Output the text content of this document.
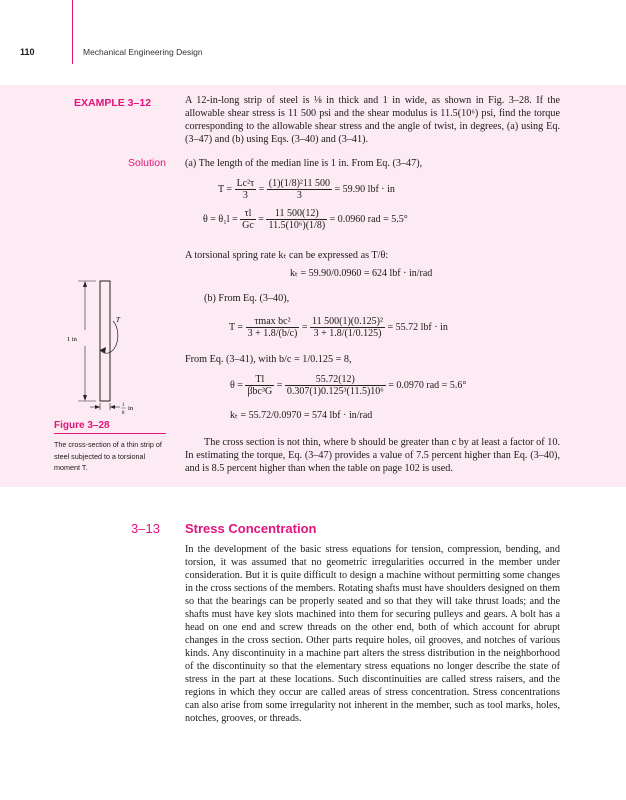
110	Mechanical Engineering Design
EXAMPLE 3–12	A 12-in-long strip of steel is ⅛ in thick and 1 in wide, as shown in Fig. 3–28. If the allowable shear stress is 11 500 psi and the shear modulus is 11.5(10⁶) psi, find the torque corresponding to the allowable shear stress and the angle of twist, in degrees, (a) using Eq. (3–47) and (b) using Eqs. (3–40) and (3–41).
Solution (a) The length of the median line is 1 in. From Eq. (3–47),
$T = \frac{\text{Lc²τ}}{3} = \frac{\text{(1)(1/8)²11 500}}{3} = 59.90$ lbf · in
$\theta = \theta_1l = \frac{\tau l}{Gc} = \frac{11 500(12)}{\text{11.5(10⁶)(1/8)}} = 0.0960$ rad = 5.5°
A torsional spring rate kₜ can be expressed as T/θ:
kₜ = 59.90/0.0960 = 624 lbf · in/rad
(b) From Eq. (3–40),
$T = \frac{\text{τmax bc²}}{3 + 1.8/(b/c)} = \frac{\text{11 500(1)(0.125)²}}{3 + 1.8/(1/0.125)} = 55.72$ lbf · in
From Eq. (3–41), with b/c = 1/0.125 = 8,
$\theta = \frac{Tl}{\text{βbc³G}} = \frac{55.72(12)}{\text{0.307(1)0.125³(11.5)10⁶}} = 0.0970$ rad = 5.6°
kₜ = 55.72/0.0970 = 574 lbf · in/rad
The cross section is not thin, where b should be greater than c by at least a factor of 10. In estimating the torque, Eq. (3–47) provides a value of 7.5 percent higher than Eq. (3–40), and is 8.5 percent higher than when the table on page 102 is used.
T
1 in
1
8
in
Figure 3–28
The cross-section of a thin strip of steel subjected to a torsional moment T.
3–13 Stress Concentration
In the development of the basic stress equations for tension, compression, bending, and torsion, it was assumed that no geometric irregularities occurred in the member under consideration. But it is quite difficult to design a machine without permitting some changes in the cross sections of the members. Rotating shafts must have shoulders designed on them so that the bearings can be properly seated and so that they will take thrust loads; and the shafts must have key slots machined into them for securing pulleys and gears. A bolt has a head on one end and screw threads on the other end, both of which account for abrupt changes in the cross section. Other parts require holes, oil grooves, and notches of various kinds. Any discontinuity in a machine part alters the stress distribution in the neighborhood of the discontinuity so that the elementary stress equations no longer describe the state of stress in the part at these locations. Such discontinuities are called stress raisers, and the regions in which they occur are called areas of stress concentration. Stress concentrations can also arise from some irregularity not inherent in the member, such as tool marks, holes, notches, grooves, or threads.
